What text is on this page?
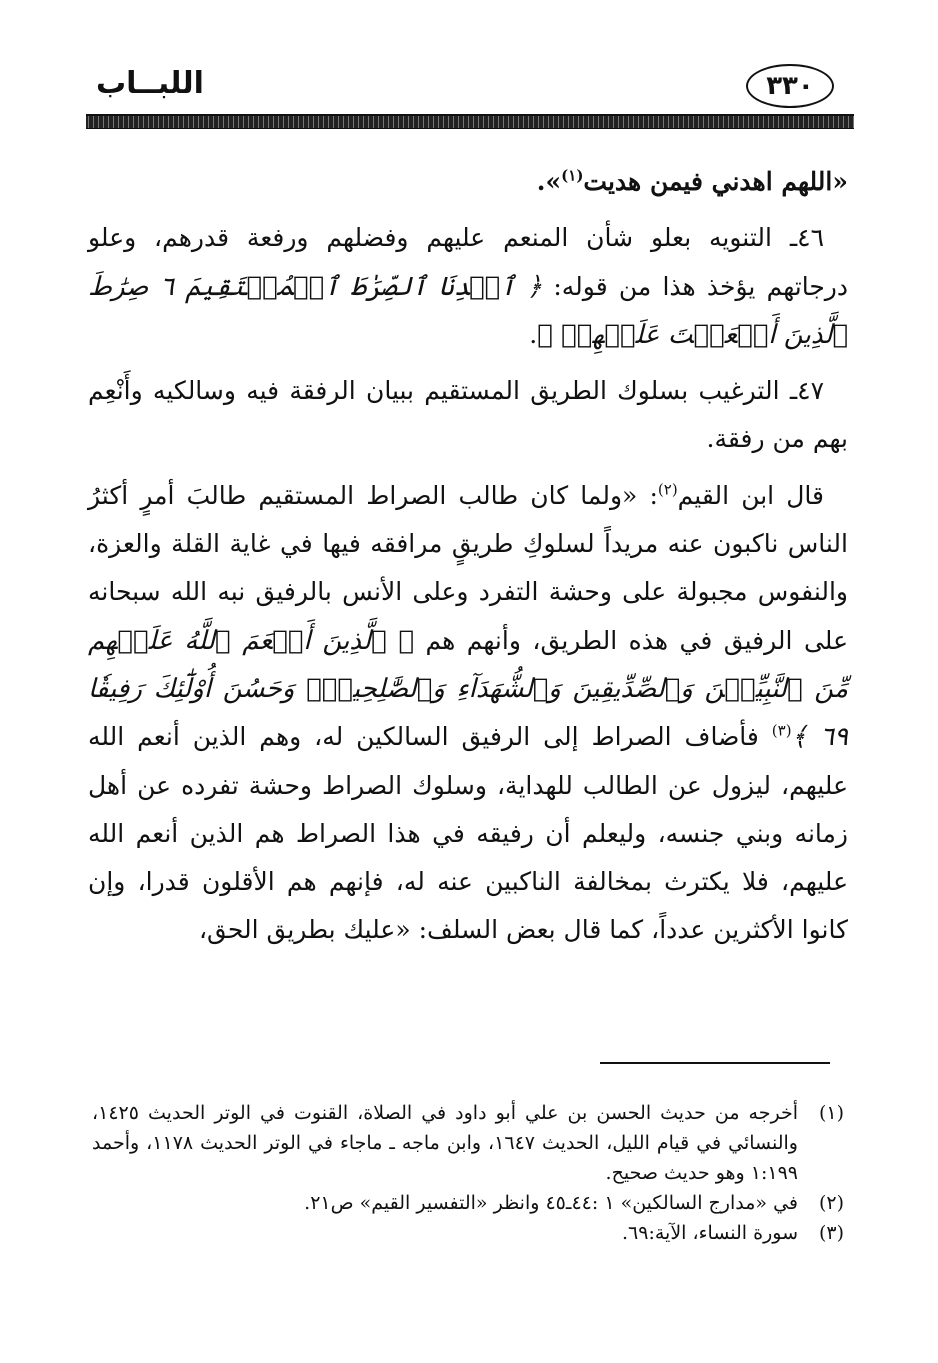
٣٣٠
اللبــاب

«اللهم اهدني فيمن هديت$^{(١)}$».

٤٦ـ التنويه بعلو شأن المنعم عليهم وفضلهم ورفعة قدرهم، وعلو درجاتهم يؤخذ هذا من قوله: ﴿ ٱهۡدِنَا ٱلصِّرَٰطَ ٱلۡمُسۡتَقِيمَ ٦ صِرَٰطَ ٱلَّذِينَ أَنۡعَمۡتَ عَلَيۡهِمۡ ﴾.

٤٧ـ الترغيب بسلوك الطريق المستقيم ببيان الرفقة فيه وسالكيه وأَنْعِم بهم من رفقة.

قال ابن القيم$^{(٢)}$: «ولما كان طالب الصراط المستقيم طالبَ أمرٍ أكثرُ الناس ناكبون عنه مريداً لسلوكِ طريقٍ مرافقه فيها في غاية القلة والعزة، والنفوس مجبولة على وحشة التفرد وعلى الأنس بالرفيق نبه الله سبحانه على الرفيق في هذه الطريق، وأنهم هم ﴿ ٱلَّذِينَ أَنۡعَمَ ٱللَّهُ عَلَيۡهِم مِّنَ ٱلنَّبِيِّـۧنَ وَٱلصِّدِّيقِينَ وَٱلشُّهَدَآءِ وَٱلصَّٰلِحِينَۚ وَحَسُنَ أُوْلَٰٓئِكَ رَفِيقٗا ٦٩ ﴾$^{(٣)}$ فأضاف الصراط إلى الرفيق السالكين له، وهم الذين أنعم الله عليهم، ليزول عن الطالب للهداية، وسلوك الصراط وحشة تفرده عن أهل زمانه وبني جنسه، وليعلم أن رفيقه في هذا الصراط هم الذين أنعم الله عليهم، فلا يكترث بمخالفة الناكبين عنه له، فإنهم هم الأقلون قدرا، وإن كانوا الأكثرين عدداً، كما قال بعض السلف: «عليك بطريق الحق،

(١)
أخرجه من حديث الحسن بن علي أبو داود في الصلاة، القنوت في الوتر الحديث ١٤٢٥، والنسائي في قيام الليل، الحديث ١٦٤٧، وابن ماجه ـ ماجاء في الوتر الحديث ١١٧٨، وأحمد ١:١٩٩ وهو حديث صحيح.
(٢)
في «مدارج السالكين» ١ :٤٤ـ٤٥ وانظر «التفسير القيم» ص٢١.
(٣)
سورة النساء، الآية:٦٩.
